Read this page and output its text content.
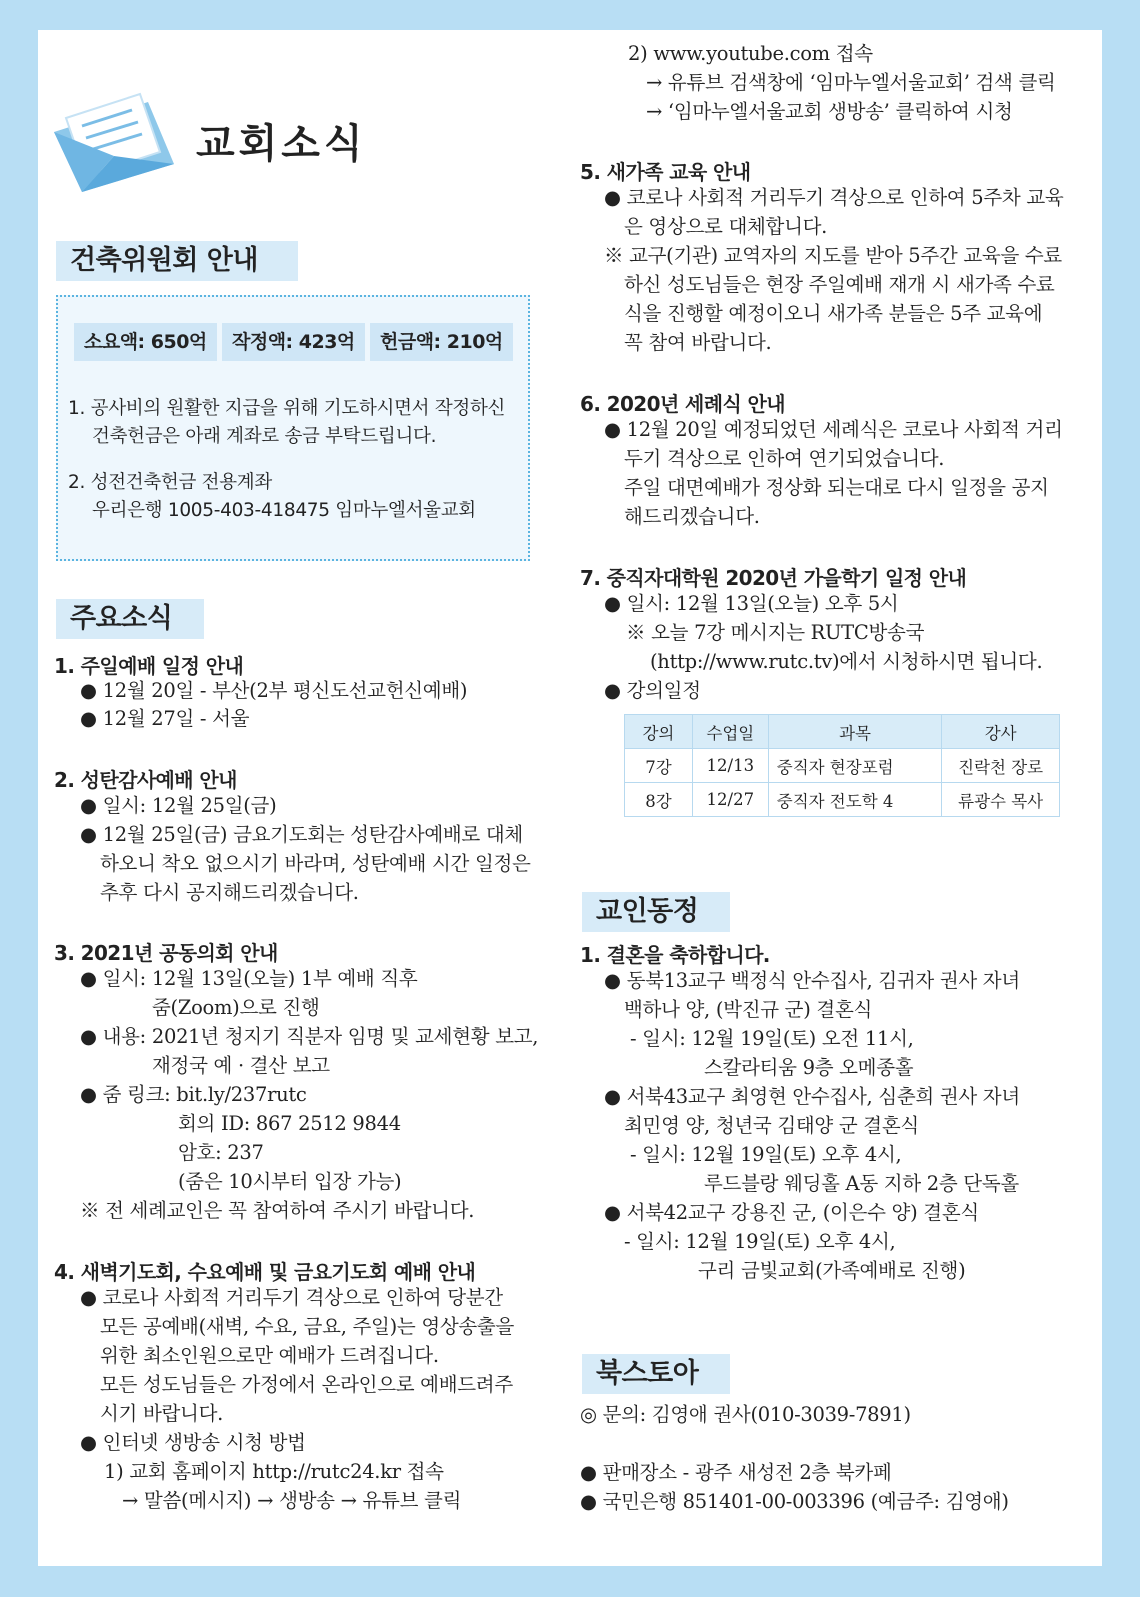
교회소식
건축위원회 안내
소요액: 650억	작정액: 423억	헌금액: 210억
1. 공사비의 원활한 지급을 위해 기도하시면서 작정하신
건축헌금은 아래 계좌로 송금 부탁드립니다.
2. 성전건축헌금 전용계좌
우리은행 1005-403-418475 임마누엘서울교회
주요소식
1. 주일예배 일정 안내
● 12월 20일 - 부산(2부 평신도선교헌신예배)
● 12월 27일 - 서울
2. 성탄감사예배 안내
● 일시: 12월 25일(금)
● 12월 25일(금) 금요기도회는 성탄감사예배로 대체
하오니 착오 없으시기 바라며, 성탄예배 시간 일정은
추후 다시 공지해드리겠습니다.
3. 2021년 공동의회 안내
● 일시: 12월 13일(오늘) 1부 예배 직후
줌(Zoom)으로 진행
● 내용: 2021년 청지기 직분자 임명 및 교세현황 보고,
재정국 예 · 결산 보고
● 줌 링크: bit.ly/237rutc
회의 ID: 867 2512 9844
암호: 237
(줌은 10시부터 입장 가능)
※ 전 세례교인은 꼭 참여하여 주시기 바랍니다.
4. 새벽기도회, 수요예배 및 금요기도회 예배 안내
● 코로나 사회적 거리두기 격상으로 인하여 당분간
모든 공예배(새벽, 수요, 금요, 주일)는 영상송출을
위한 최소인원으로만 예배가 드려집니다.
모든 성도님들은 가정에서 온라인으로 예배드려주
시기 바랍니다.
● 인터넷 생방송 시청 방법
1) 교회 홈페이지 http://rutc24.kr 접속
→ 말씀(메시지) → 생방송 → 유튜브 클릭
2) www.youtube.com 접속
→ 유튜브 검색창에 ‘임마누엘서울교회’ 검색 클릭
→ ‘임마누엘서울교회 생방송’ 클릭하여 시청
5. 새가족 교육 안내
● 코로나 사회적 거리두기 격상으로 인하여 5주차 교육
은 영상으로 대체합니다.
※ 교구(기관) 교역자의 지도를 받아 5주간 교육을 수료
하신 성도님들은 현장 주일예배 재개 시 새가족 수료
식을 진행할 예정이오니 새가족 분들은 5주 교육에
꼭 참여 바랍니다.
6. 2020년 세례식 안내
● 12월 20일 예정되었던 세례식은 코로나 사회적 거리
두기 격상으로 인하여 연기되었습니다.
주일 대면예배가 정상화 되는대로 다시 일정을 공지
해드리겠습니다.
7. 중직자대학원 2020년 가을학기 일정 안내
● 일시: 12월 13일(오늘) 오후 5시
※ 오늘 7강 메시지는 RUTC방송국
(http://www.rutc.tv)에서 시청하시면 됩니다.
● 강의일정
강의	수업일	과목	강사
7강	12/13	중직자 현장포럼	진락천 장로
8강	12/27	중직자 전도학 4	류광수 목사
교인동정
1. 결혼을 축하합니다.
● 동북13교구 백정식 안수집사, 김귀자 권사 자녀
백하나 양, (박진규 군) 결혼식
- 일시: 12월 19일(토) 오전 11시,
스칼라티움 9층 오메종홀
● 서북43교구 최영현 안수집사, 심춘희 권사 자녀
최민영 양, 청년국 김태양 군 결혼식
- 일시: 12월 19일(토) 오후 4시,
루드블랑 웨딩홀 A동 지하 2층 단독홀
● 서북42교구 강용진 군, (이은수 양) 결혼식
- 일시: 12월 19일(토) 오후 4시,
구리 금빛교회(가족예배로 진행)
북스토아
◎ 문의: 김영애 권사(010-3039-7891)
● 판매장소 - 광주 새성전 2층 북카페
● 국민은행 851401-00-003396 (예금주: 김영애)
